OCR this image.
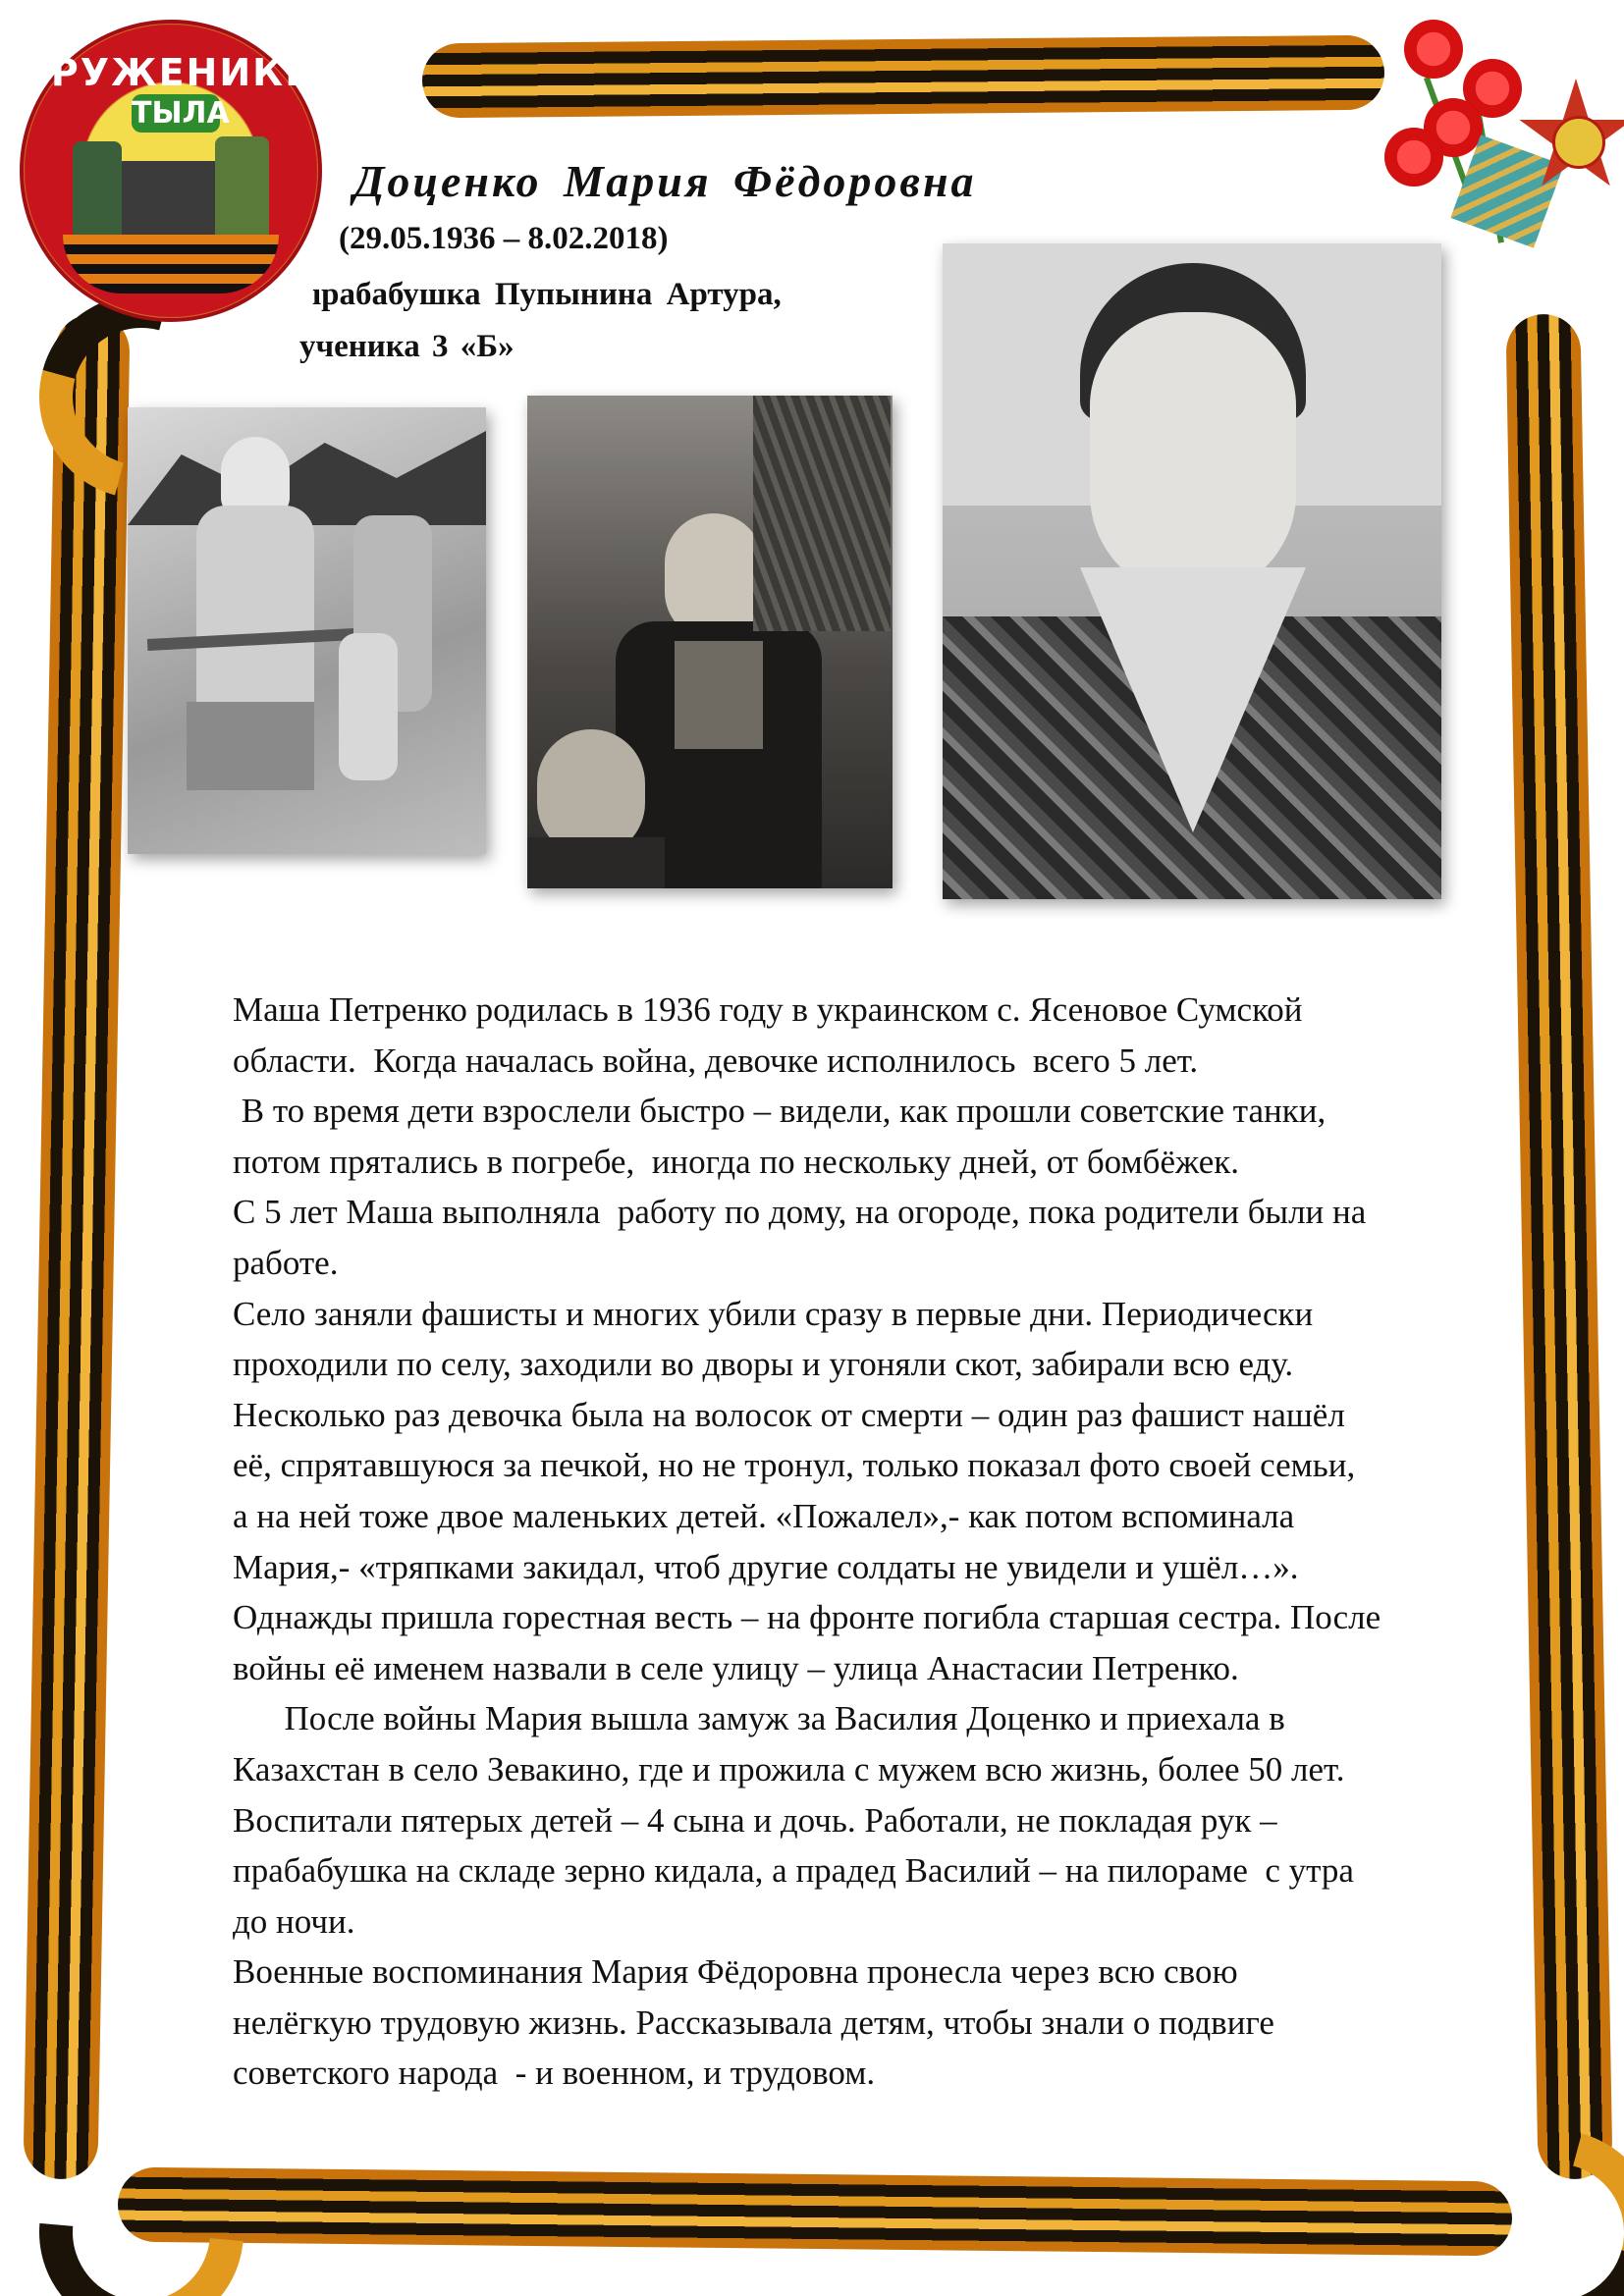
ТРУЖЕНИКИ
ТЫЛА
Доценко Мария Фёдоровна
(29.05.1936 – 8.02.2018)
ıрабабушка Пупынина Артура,
ученика 3 «Б»
Маша Петренко родилась в 1936 году в украинском с. Ясеновое Сумской
области.  Когда началась война, девочке исполнилось  всего 5 лет.
В то время дети взрослели быстро – видели, как прошли советские танки,
потом прятались в погребе,  иногда по нескольку дней, от бомбёжек.
С 5 лет Маша выполняла  работу по дому, на огороде, пока родители были на
работе.
Село заняли фашисты и многих убили сразу в первые дни. Периодически
проходили по селу, заходили во дворы и угоняли скот, забирали всю еду.
Несколько раз девочка была на волосок от смерти – один раз фашист нашёл
её, спрятавшуюся за печкой, но не тронул, только показал фото своей семьи,
а на ней тоже двое маленьких детей. «Пожалел»,- как потом вспоминала
Мария,- «тряпками закидал, чтоб другие солдаты не увидели и ушёл…».
Однажды пришла горестная весть – на фронте погибла старшая сестра. После
войны её именем назвали в селе улицу – улица Анастасии Петренко.
После войны Мария вышла замуж за Василия Доценко и приехала в
Казахстан в село Зевакино, где и прожила с мужем всю жизнь, более 50 лет.
Воспитали пятерых детей – 4 сына и дочь. Работали, не покладая рук –
прабабушка на складе зерно кидала, а прадед Василий – на пилораме  с утра
до ночи.
Военные воспоминания Мария Фёдоровна пронесла через всю свою
нелёгкую трудовую жизнь. Рассказывала детям, чтобы знали о подвиге
советского народа  - и военном, и трудовом.
